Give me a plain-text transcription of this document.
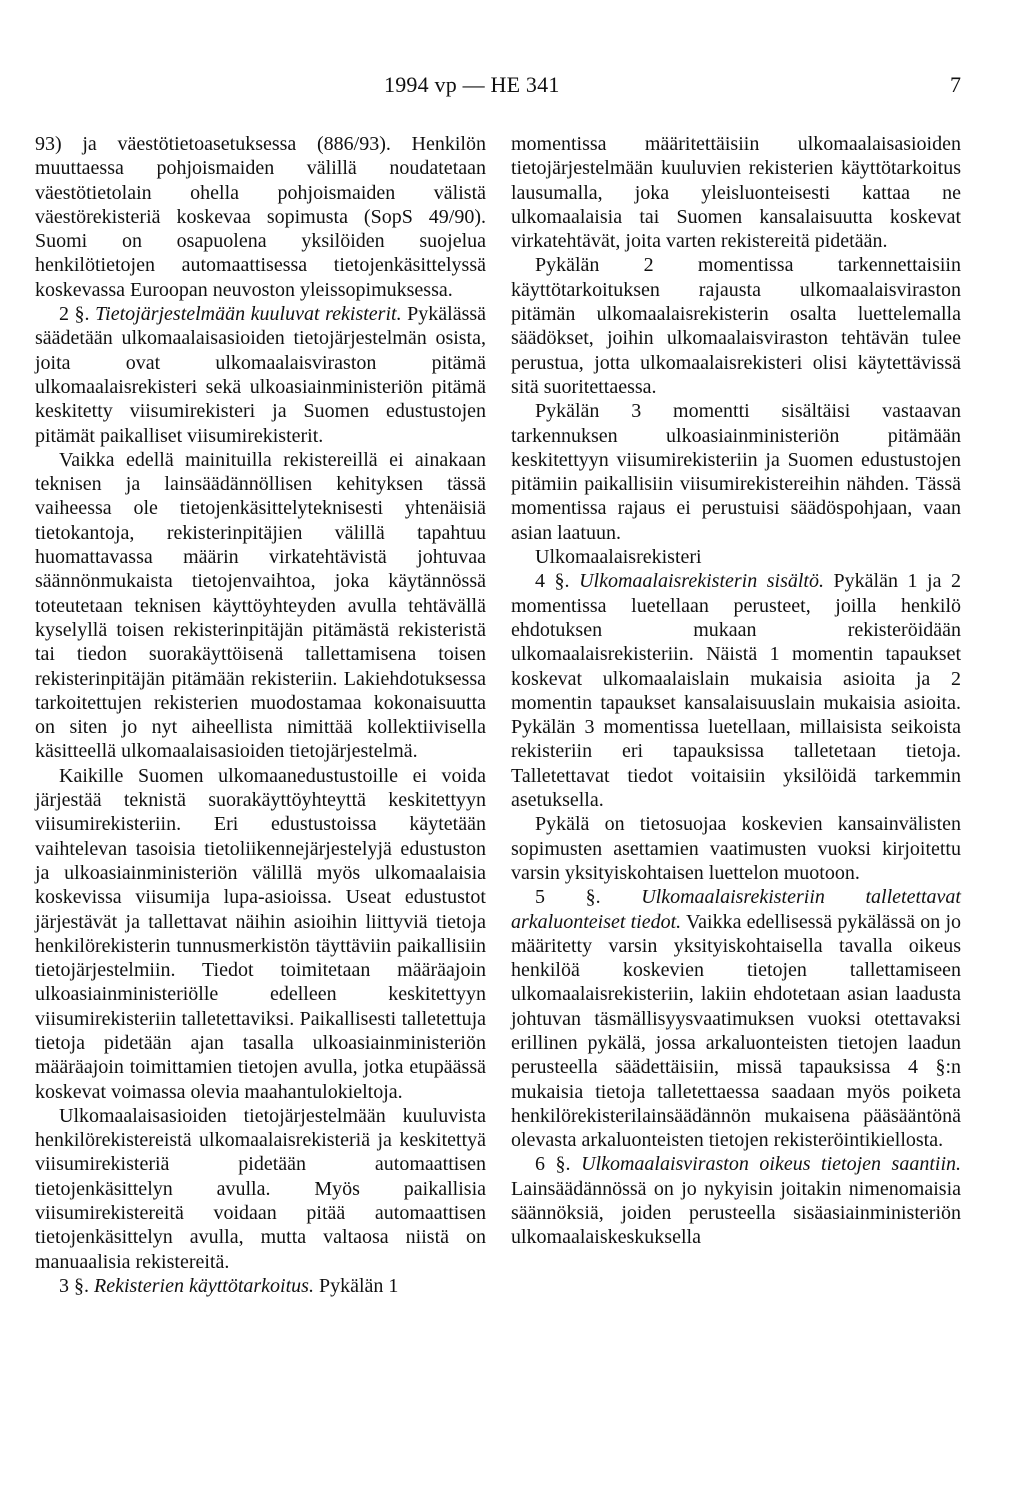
1994 vp — HE 341	7

93) ja väestötietoasetuksessa (886/93). Henkilön muuttaessa pohjoismaiden välillä noudatetaan väestötietolain ohella pohjoismaiden välistä väestörekisteriä koskevaa sopimusta (SopS 49/90). Suomi on osapuolena yksilöiden suojelua henkilötietojen automaattisessa tietojenkäsittelyssä koskevassa Euroopan neuvoston yleissopimuksessa.

2 §. Tietojärjestelmään kuuluvat rekisterit. Pykälässä säädetään ulkomaalaisasioiden tietojärjestelmän osista, joita ovat ulkomaalaisviraston pitämä ulkomaalaisrekisteri sekä ulkoasiainministeriön pitämä keskitetty viisumirekisteri ja Suomen edustustojen pitämät paikalliset viisumirekisterit.

Vaikka edellä mainituilla rekistereillä ei ainakaan teknisen ja lainsäädännöllisen kehityksen tässä vaiheessa ole tietojenkäsittelyteknisesti yhtenäisiä tietokantoja, rekisterinpitäjien välillä tapahtuu huomattavassa määrin virkatehtävistä johtuvaa säännönmukaista tietojenvaihtoa, joka käytännössä toteutetaan teknisen käyttöyhteyden avulla tehtävällä kyselyllä toisen rekisterinpitäjän pitämästä rekisteristä tai tiedon suorakäyttöisenä tallettamisena toisen rekisterinpitäjän pitämään rekisteriin. Lakiehdotuksessa tarkoitettujen rekisterien muodostamaa kokonaisuutta on siten jo nyt aiheellista nimittää kollektiivisella käsitteellä ulkomaalaisasioiden tietojärjestelmä.

Kaikille Suomen ulkomaanedustustoille ei voida järjestää teknistä suorakäyttöyhteyttä keskitettyyn viisumirekisteriin. Eri edustustoissa käytetään vaihtelevan tasoisia tietoliikennejärjestelyjä edustuston ja ulkoasiainministeriön välillä myös ulkomaalaisia koskevissa viisumija lupa-asioissa. Useat edustustot järjestävät ja tallettavat näihin asioihin liittyviä tietoja henkilörekisterin tunnusmerkistön täyttäviin paikallisiin tietojärjestelmiin. Tiedot toimitetaan määräajoin ulkoasiainministeriölle edelleen keskitettyyn viisumirekisteriin talletettaviksi. Paikallisesti talletettuja tietoja pidetään ajan tasalla ulkoasiainministeriön määräajoin toimittamien tietojen avulla, jotka etupäässä koskevat voimassa olevia maahantulokieltoja.

Ulkomaalaisasioiden tietojärjestelmään kuuluvista henkilörekistereistä ulkomaalaisrekisteriä ja keskitettyä viisumirekisteriä pidetään automaattisen tietojenkäsittelyn avulla. Myös paikallisia viisumirekistereitä voidaan pitää automaattisen tietojenkäsittelyn avulla, mutta valtaosa niistä on manuaalisia rekistereitä.

3 §. Rekisterien käyttötarkoitus. Pykälän 1

momentissa määritettäisiin ulkomaalaisasioiden tietojärjestelmään kuuluvien rekisterien käyttötarkoitus lausumalla, joka yleisluonteisesti kattaa ne ulkomaalaisia tai Suomen kansalaisuutta koskevat virkatehtävät, joita varten rekistereitä pidetään.

Pykälän 2 momentissa tarkennettaisiin käyttötarkoituksen rajausta ulkomaalaisviraston pitämän ulkomaalaisrekisterin osalta luettelemalla säädökset, joihin ulkomaalaisviraston tehtävän tulee perustua, jotta ulkomaalaisrekisteri olisi käytettävissä sitä suoritettaessa.

Pykälän 3 momentti sisältäisi vastaavan tarkennuksen ulkoasiainministeriön pitämään keskitettyyn viisumirekisteriin ja Suomen edustustojen pitämiin paikallisiin viisumirekistereihin nähden. Tässä momentissa rajaus ei perustuisi säädöspohjaan, vaan asian laatuun.

Ulkomaalaisrekisteri

4 §. Ulkomaalaisrekisterin sisältö. Pykälän 1 ja 2 momentissa luetellaan perusteet, joilla henkilö ehdotuksen mukaan rekisteröidään ulkomaalaisrekisteriin. Näistä 1 momentin tapaukset koskevat ulkomaalaislain mukaisia asioita ja 2 momentin tapaukset kansalaisuuslain mukaisia asioita. Pykälän 3 momentissa luetellaan, millaisista seikoista rekisteriin eri tapauksissa talletetaan tietoja. Talletettavat tiedot voitaisiin yksilöidä tarkemmin asetuksella.

Pykälä on tietosuojaa koskevien kansainvälisten sopimusten asettamien vaatimusten vuoksi kirjoitettu varsin yksityiskohtaisen luettelon muotoon.

5 §. Ulkomaalaisrekisteriin talletettavat arkaluonteiset tiedot. Vaikka edellisessä pykälässä on jo määritetty varsin yksityiskohtaisella tavalla oikeus henkilöä koskevien tietojen tallettamiseen ulkomaalaisrekisteriin, lakiin ehdotetaan asian laadusta johtuvan täsmällisyysvaatimuksen vuoksi otettavaksi erillinen pykälä, jossa arkaluonteisten tietojen laadun perusteella säädettäisiin, missä tapauksissa 4 §:n mukaisia tietoja talletettaessa saadaan myös poiketa henkilörekisterilainsäädännön mukaisena pääsääntönä olevasta arkaluonteisten tietojen rekisteröintikiellosta.

6 §. Ulkomaalaisviraston oikeus tietojen saantiin. Lainsäädännössä on jo nykyisin joitakin nimenomaisia säännöksiä, joiden perusteella sisäasiainministeriön ulkomaalaiskeskuksella
